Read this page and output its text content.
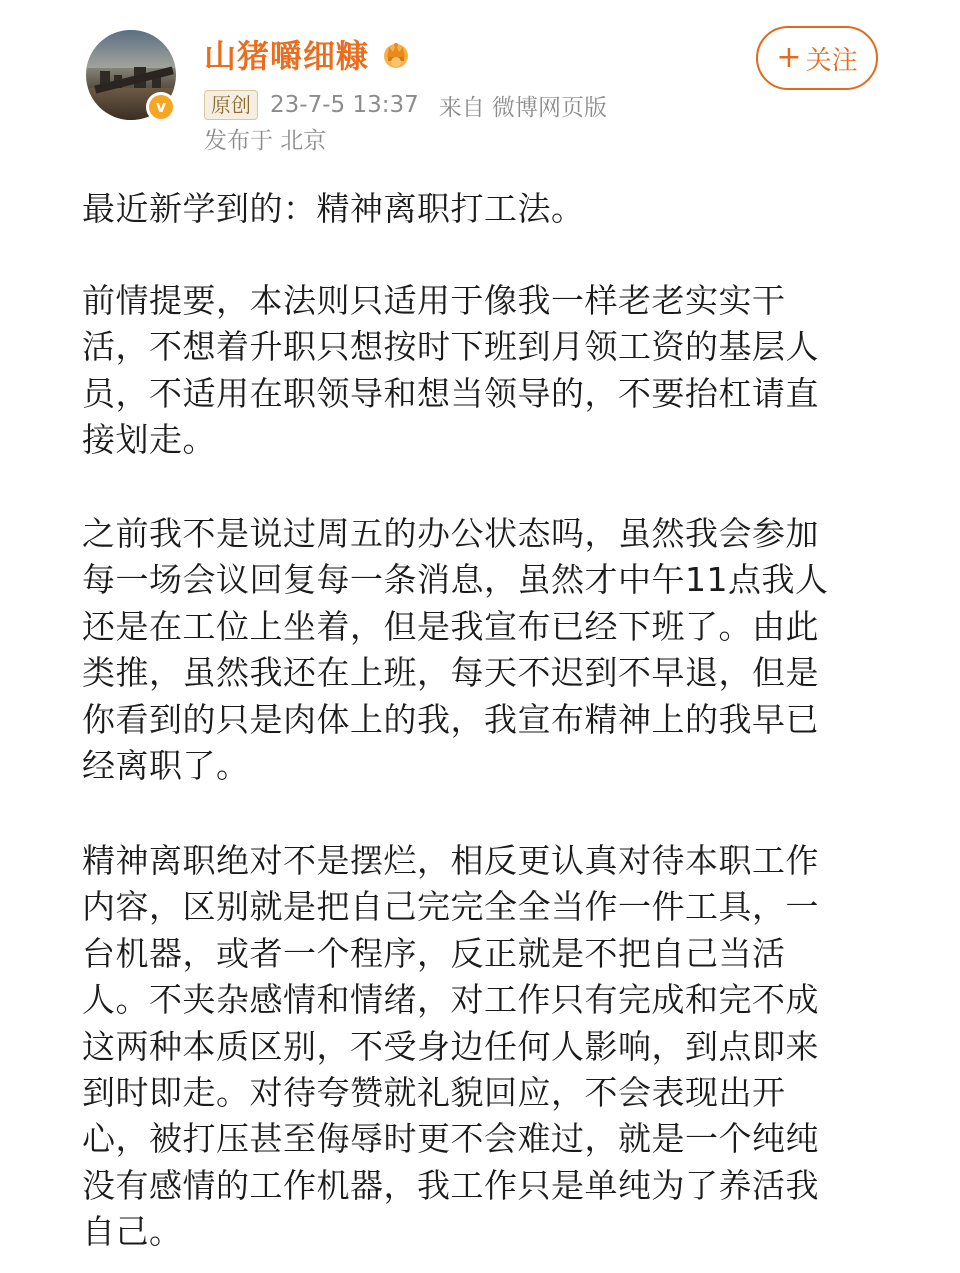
v
山猪嚼细糠
原创 23-7-5 13:37 来自 微博网页版
发布于 北京
+ 关注
最近新学到的：精神离职打工法。
前情提要，本法则只适用于像我一样老老实实干
活，不想着升职只想按时下班到月领工资的基层人
员，不适用在职领导和想当领导的，不要抬杠请直
接划走。
之前我不是说过周五的办公状态吗，虽然我会参加
每一场会议回复每一条消息，虽然才中午11点我人
还是在工位上坐着，但是我宣布已经下班了。由此
类推，虽然我还在上班，每天不迟到不早退，但是
你看到的只是肉体上的我，我宣布精神上的我早已
经离职了。
精神离职绝对不是摆烂，相反更认真对待本职工作
内容，区别就是把自己完完全全当作一件工具，一
台机器，或者一个程序，反正就是不把自己当活
人。不夹杂感情和情绪，对工作只有完成和完不成
这两种本质区别，不受身边任何人影响，到点即来
到时即走。对待夸赞就礼貌回应，不会表现出开
心，被打压甚至侮辱时更不会难过，就是一个纯纯
没有感情的工作机器，我工作只是单纯为了养活我
自己。
